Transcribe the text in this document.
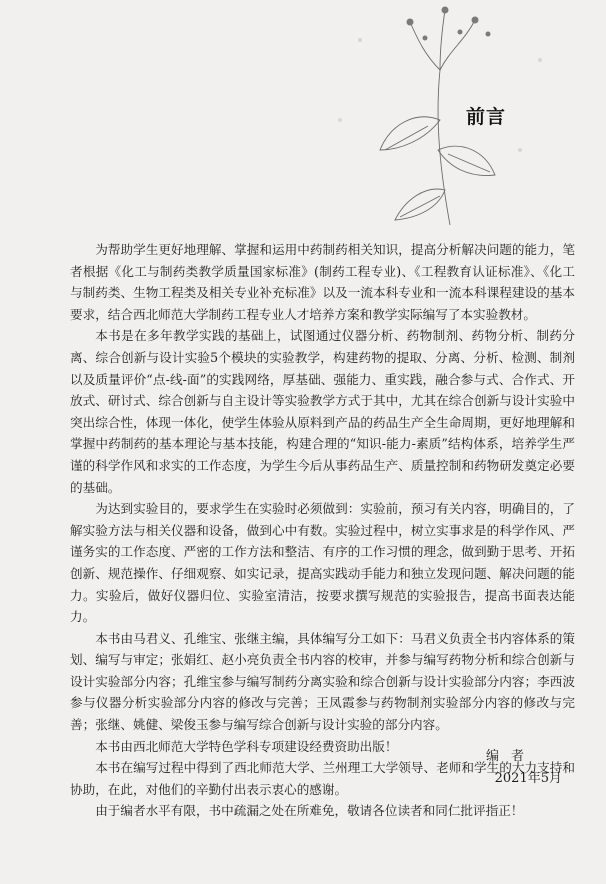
前言

为帮助学生更好地理解、掌握和运用中药制药相关知识，提高分析解决问题的能力，笔者根据《化工与制药类教学质量国家标准》(制药工程专业)、《工程教育认证标准》、《化工与制药类、生物工程类及相关专业补充标准》以及一流本科专业和一流本科课程建设的基本要求，结合西北师范大学制药工程专业人才培养方案和教学实际编写了本实验教材。

本书是在多年教学实践的基础上，试图通过仪器分析、药物制剂、药物分析、制药分离、综合创新与设计实验5个模块的实验教学，构建药物的提取、分离、分析、检测、制剂以及质量评价“点-线-面”的实践网络，厚基础、强能力、重实践，融合参与式、合作式、开放式、研讨式、综合创新与自主设计等实验教学方式于其中，尤其在综合创新与设计实验中突出综合性，体现一体化，使学生体验从原料到产品的药品生产全生命周期，更好地理解和掌握中药制药的基本理论与基本技能，构建合理的“知识-能力-素质”结构体系，培养学生严谨的科学作风和求实的工作态度，为学生今后从事药品生产、质量控制和药物研发奠定必要的基础。

为达到实验目的，要求学生在实验时必须做到：实验前，预习有关内容，明确目的，了解实验方法与相关仪器和设备，做到心中有数。实验过程中，树立实事求是的科学作风、严谨务实的工作态度、严密的工作方法和整洁、有序的工作习惯的理念，做到勤于思考、开拓创新、规范操作、仔细观察、如实记录，提高实践动手能力和独立发现问题、解决问题的能力。实验后，做好仪器归位、实验室清洁，按要求撰写规范的实验报告，提高书面表达能力。

本书由马君义、孔维宝、张继主编，具体编写分工如下：马君义负责全书内容体系的策划、编写与审定；张娟红、赵小亮负责全书内容的校审，并参与编写药物分析和综合创新与设计实验部分内容；孔维宝参与编写制药分离实验和综合创新与设计实验部分内容；李西波参与仪器分析实验部分内容的修改与完善；王凤霞参与药物制剂实验部分内容的修改与完善；张继、姚健、梁俊玉参与编写综合创新与设计实验的部分内容。

本书由西北师范大学特色学科专项建设经费资助出版！

本书在编写过程中得到了西北师范大学、兰州理工大学领导、老师和学生的大力支持和协助，在此，对他们的辛勤付出表示衷心的感谢。

由于编者水平有限，书中疏漏之处在所难免，敬请各位读者和同仁批评指正！

编者
2021年5月
